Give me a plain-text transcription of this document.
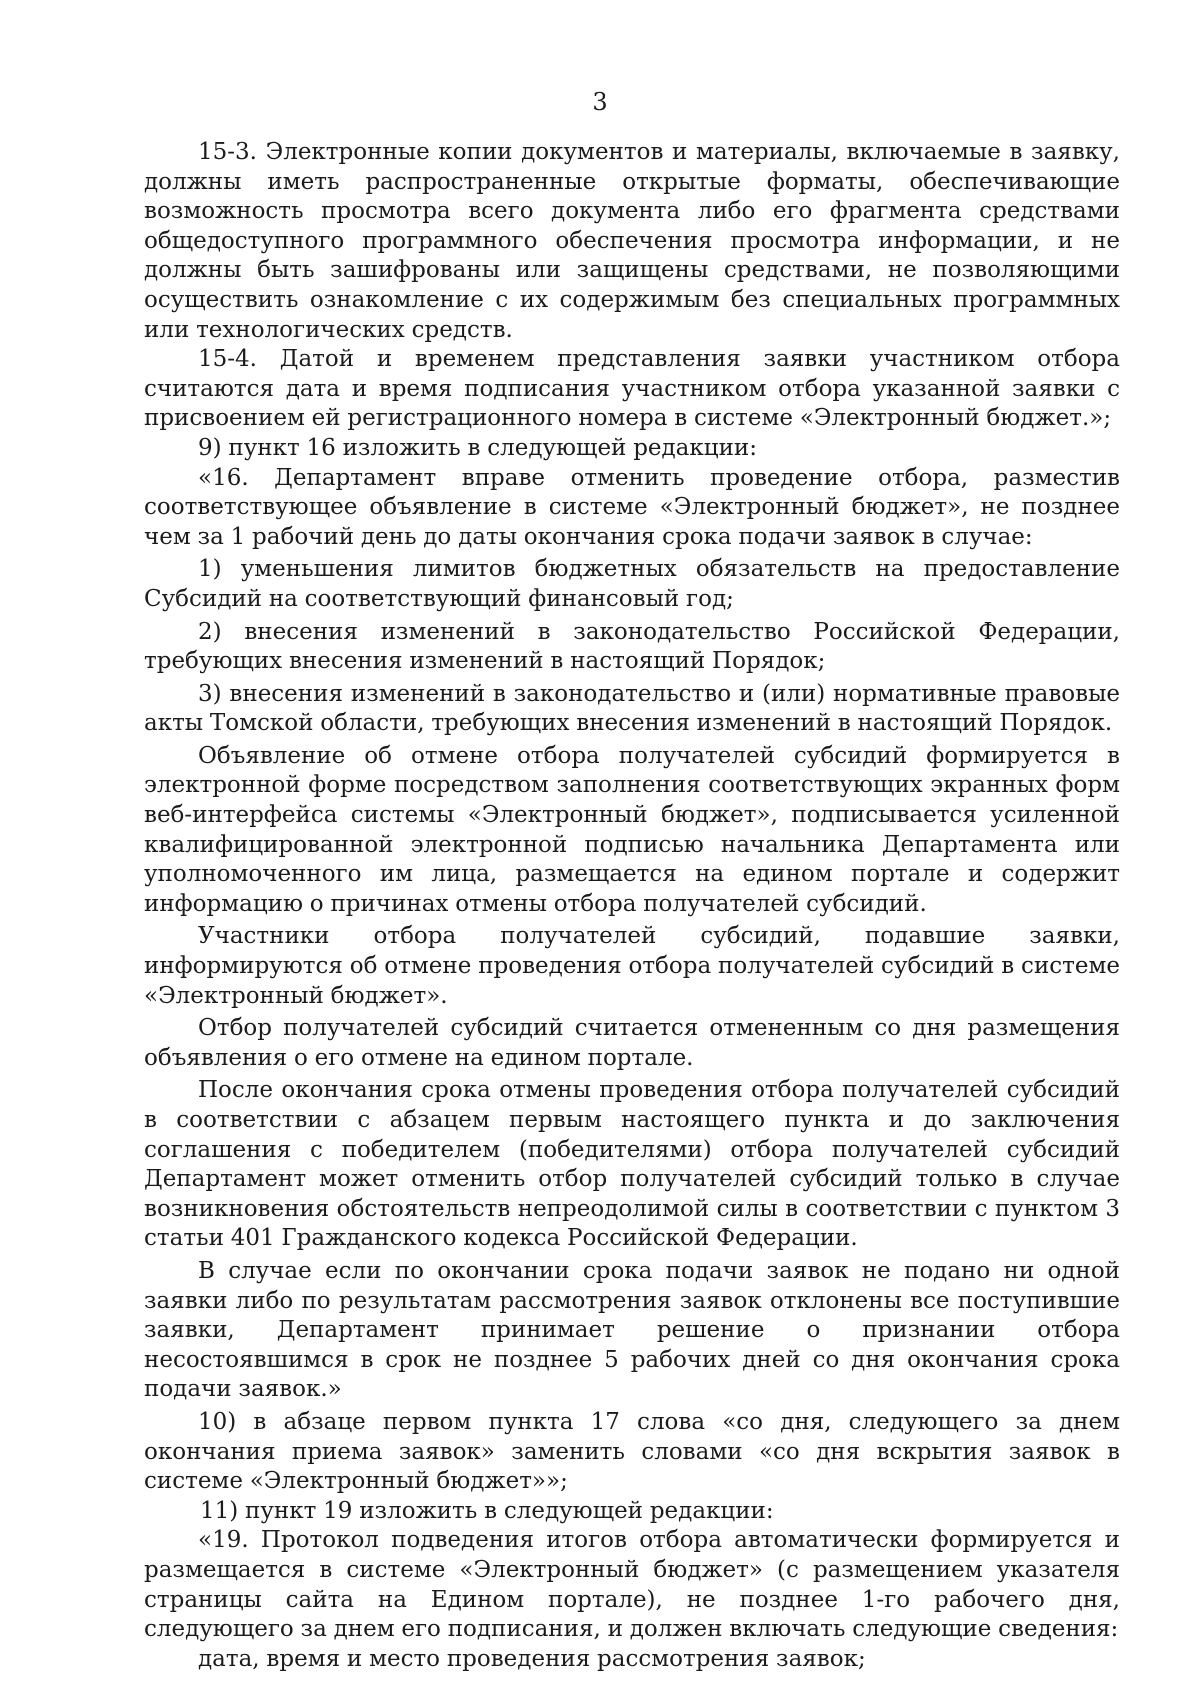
3

15-3. Электронные копии документов и материалы, включаемые в заявку, должны иметь распространенные открытые форматы, обеспечивающие возможность просмотра всего документа либо его фрагмента средствами общедоступного программного обеспечения просмотра информации, и не должны быть зашифрованы или защищены средствами, не позволяющими осуществить ознакомление с их содержимым без специальных программных или технологических средств.

15-4. Датой и временем представления заявки участником отбора считаются дата и время подписания участником отбора указанной заявки с присвоением ей регистрационного номера в системе «Электронный бюджет.»;

9) пункт 16 изложить в следующей редакции:

«16. Департамент вправе отменить проведение отбора, разместив соответствующее объявление в системе «Электронный бюджет», не позднее чем за 1 рабочий день до даты окончания срока подачи заявок в случае:

1) уменьшения лимитов бюджетных обязательств на предоставление Субсидий на соответствующий финансовый год;

2) внесения изменений в законодательство Российской Федерации, требующих внесения изменений в настоящий Порядок;

3) внесения изменений в законодательство и (или) нормативные правовые акты Томской области, требующих внесения изменений в настоящий Порядок.

Объявление об отмене отбора получателей субсидий формируется в электронной форме посредством заполнения соответствующих экранных форм веб-интерфейса системы «Электронный бюджет», подписывается усиленной квалифицированной электронной подписью начальника Департамента или уполномоченного им лица, размещается на едином портале и содержит информацию о причинах отмены отбора получателей субсидий.

Участники отбора получателей субсидий, подавшие заявки, информируются об отмене проведения отбора получателей субсидий в системе «Электронный бюджет».

Отбор получателей субсидий считается отмененным со дня размещения объявления о его отмене на едином портале.

После окончания срока отмены проведения отбора получателей субсидий в соответствии с абзацем первым настоящего пункта и до заключения соглашения с победителем (победителями) отбора получателей субсидий Департамент может отменить отбор получателей субсидий только в случае возникновения обстоятельств непреодолимой силы в соответствии с пунктом 3 статьи 401 Гражданского кодекса Российской Федерации.

В случае если по окончании срока подачи заявок не подано ни одной заявки либо по результатам рассмотрения заявок отклонены все поступившие заявки, Департамент принимает решение о признании отбора несостоявшимся в срок не позднее 5 рабочих дней со дня окончания срока подачи заявок.»

10) в абзаце первом пункта 17 слова «со дня, следующего за днем окончания приема заявок» заменить словами «со дня вскрытия заявок в системе «Электронный бюджет»»;

11) пункт 19 изложить в следующей редакции:

«19. Протокол подведения итогов отбора автоматически формируется и размещается в системе «Электронный бюджет» (с размещением указателя страницы сайта на Едином портале), не позднее 1-го рабочего дня, следующего за днем его подписания, и должен включать следующие сведения:

дата, время и место проведения рассмотрения заявок;
